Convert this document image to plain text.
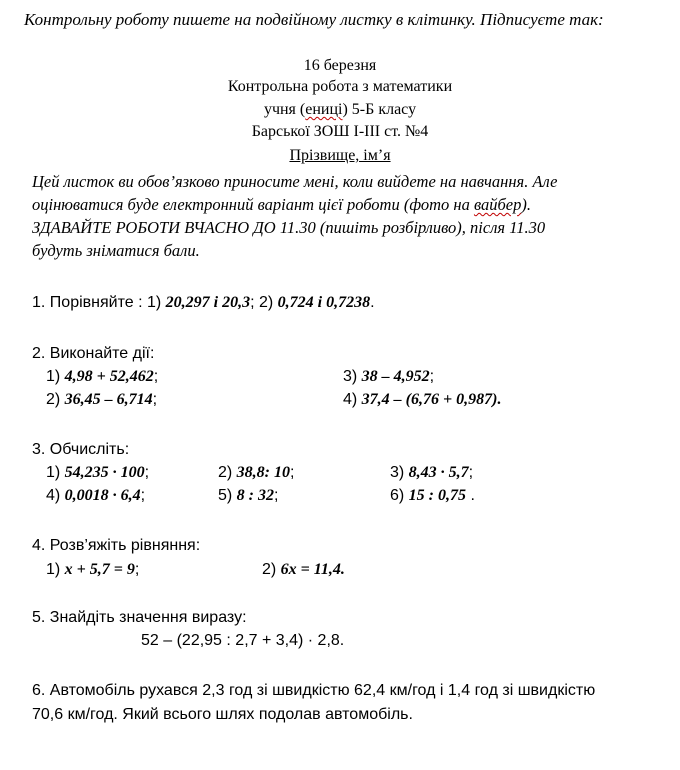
Контрольну роботу пишете на подвійному листку в клітинку. Підписуєте так:
16 березня
Контрольна робота з математики
учня (ениці) 5-Б класу
Барської ЗОШ І-ІІІ ст. №4
Прізвище, ім’я
Цей листок ви обов’язково приносите мені, коли вийдете на навчання. Але
оцінюватися буде електронний варіант цієї роботи (фото на вайбер).
ЗДАВАЙТЕ РОБОТИ ВЧАСНО ДО 11.30 (пишіть розбірливо), після 11.30
будуть зніматися бали.
1. Порівняйте : 1) 20,297 і 20,3; 2) 0,724 і 0,7238.
2. Виконайте дії:
1) 4,98 + 52,462;	3) 38 – 4,952;
2) 36,45 – 6,714;	4) 37,4 – (6,76 + 0,987).
3. Обчисліть:
1) 54,235 · 100;	2) 38,8: 10;	3) 8,43 · 5,7;
4) 0,0018 · 6,4;	5) 8 : 32;	6) 15 : 0,75 .
4. Розв’яжіть рівняння:
1) x + 5,7 = 9;	2) 6x = 11,4.
5. Знайдіть значення виразу:
52 – (22,95 : 2,7 + 3,4) · 2,8.
6. Автомобіль рухався 2,3 год зі швидкістю 62,4 км/год і 1,4 год зі швидкістю
70,6 км/год. Який всього шлях подолав автомобіль.
